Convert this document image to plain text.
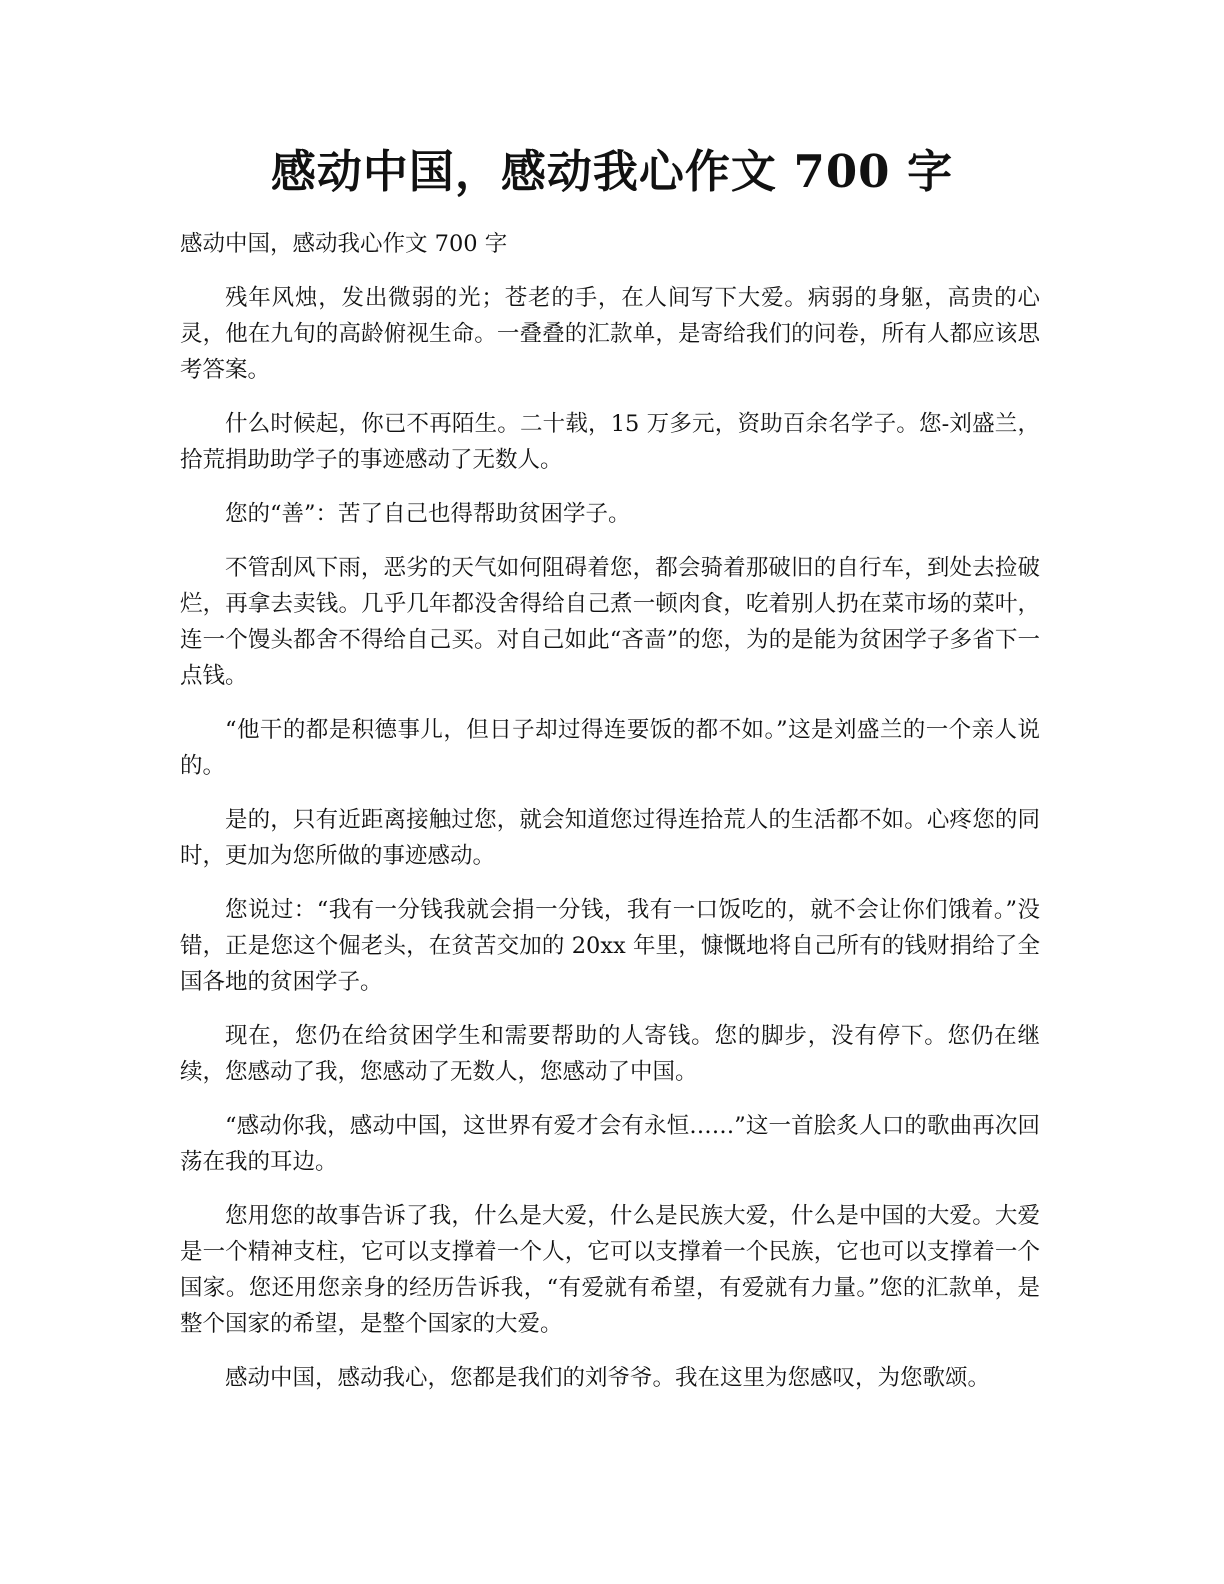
感动中国，感动我心作文 700 字

感动中国，感动我心作文 700 字

残年风烛，发出微弱的光；苍老的手，在人间写下大爱。病弱的身躯，高贵的心灵，他在九旬的高龄俯视生命。一叠叠的汇款单，是寄给我们的问卷，所有人都应该思考答案。

什么时候起，你已不再陌生。二十载，15 万多元，资助百余名学子。您-刘盛兰，拾荒捐助助学子的事迹感动了无数人。

您的“善”：苦了自己也得帮助贫困学子。

不管刮风下雨，恶劣的天气如何阻碍着您，都会骑着那破旧的自行车，到处去捡破烂，再拿去卖钱。几乎几年都没舍得给自己煮一顿肉食，吃着别人扔在菜市场的菜叶，连一个馒头都舍不得给自己买。对自己如此“吝啬”的您，为的是能为贫困学子多省下一点钱。

“他干的都是积德事儿，但日子却过得连要饭的都不如。”这是刘盛兰的一个亲人说的。

是的，只有近距离接触过您，就会知道您过得连拾荒人的生活都不如。心疼您的同时，更加为您所做的事迹感动。

您说过：“我有一分钱我就会捐一分钱，我有一口饭吃的，就不会让你们饿着。”没错，正是您这个倔老头，在贫苦交加的 20xx 年里，慷慨地将自己所有的钱财捐给了全国各地的贫困学子。

现在，您仍在给贫困学生和需要帮助的人寄钱。您的脚步，没有停下。您仍在继续，您感动了我，您感动了无数人，您感动了中国。

“感动你我，感动中国，这世界有爱才会有永恒……”这一首脍炙人口的歌曲再次回荡在我的耳边。

您用您的故事告诉了我，什么是大爱，什么是民族大爱，什么是中国的大爱。大爱是一个精神支柱，它可以支撑着一个人，它可以支撑着一个民族，它也可以支撑着一个国家。您还用您亲身的经历告诉我，“有爱就有希望，有爱就有力量。”您的汇款单，是整个国家的希望，是整个国家的大爱。

感动中国，感动我心，您都是我们的刘爷爷。我在这里为您感叹，为您歌颂。
